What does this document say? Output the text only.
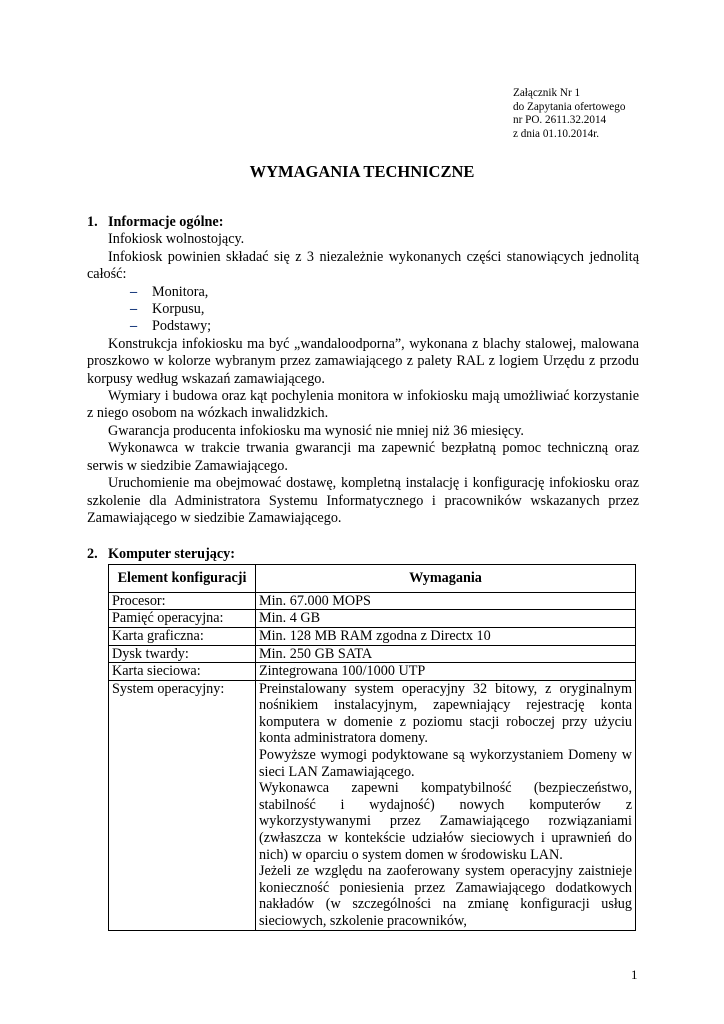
Załącznik Nr 1
do Zapytania ofertowego
nr PO. 2611.32.2014
z dnia 01.10.2014r.
WYMAGANIA TECHNICZNE
1. Informacje ogólne:
Infokiosk wolnostojący.
Infokiosk powinien składać się z 3 niezależnie wykonanych części stanowiących jednolitą całość:
– Monitora,
– Korpusu,
– Podstawy;
Konstrukcja infokiosku ma być „wandaloodporna”, wykonana z blachy stalowej, malowana proszkowo w kolorze wybranym przez zamawiającego z palety RAL z logiem Urzędu z przodu korpusy według wskazań zamawiającego.
Wymiary i budowa oraz kąt pochylenia monitora w infokiosku mają umożliwiać korzystanie z niego osobom na wózkach inwalidzkich.
Gwarancja producenta infokiosku ma wynosić nie mniej niż 36 miesięcy.
Wykonawca w trakcie trwania gwarancji ma zapewnić bezpłatną pomoc techniczną oraz serwis w siedzibie Zamawiającego.
Uruchomienie ma obejmować dostawę, kompletną instalację i konfigurację infokiosku oraz szkolenie dla Administratora Systemu Informatycznego i pracowników wskazanych przez Zamawiającego w siedzibie Zamawiającego.
2. Komputer sterujący:
Element konfiguracji	Wymagania
Procesor:	Min. 67.000 MOPS
Pamięć operacyjna:	Min. 4 GB
Karta graficzna:	Min. 128 MB RAM zgodna z Directx 10
Dysk twardy:	Min. 250 GB SATA
Karta sieciowa:	Zintegrowana 100/1000 UTP
System operacyjny:	Preinstalowany system operacyjny 32 bitowy, z oryginalnym nośnikiem instalacyjnym, zapewniający rejestrację konta komputera w domenie z poziomu stacji roboczej przy użyciu konta administratora domeny.
Powyższe wymogi podyktowane są wykorzystaniem Domeny w sieci LAN Zamawiającego.
Wykonawca zapewni kompatybilność (bezpieczeństwo, stabilność i wydajność) nowych komputerów z wykorzystywanymi przez Zamawiającego rozwiązaniami (zwłaszcza w kontekście udziałów sieciowych i uprawnień do nich) w oparciu o system domen w środowisku LAN.
Jeżeli ze względu na zaoferowany system operacyjny zaistnieje konieczność poniesienia przez Zamawiającego dodatkowych nakładów (w szczególności na zmianę konfiguracji usług sieciowych, szkolenie pracowników,
1
